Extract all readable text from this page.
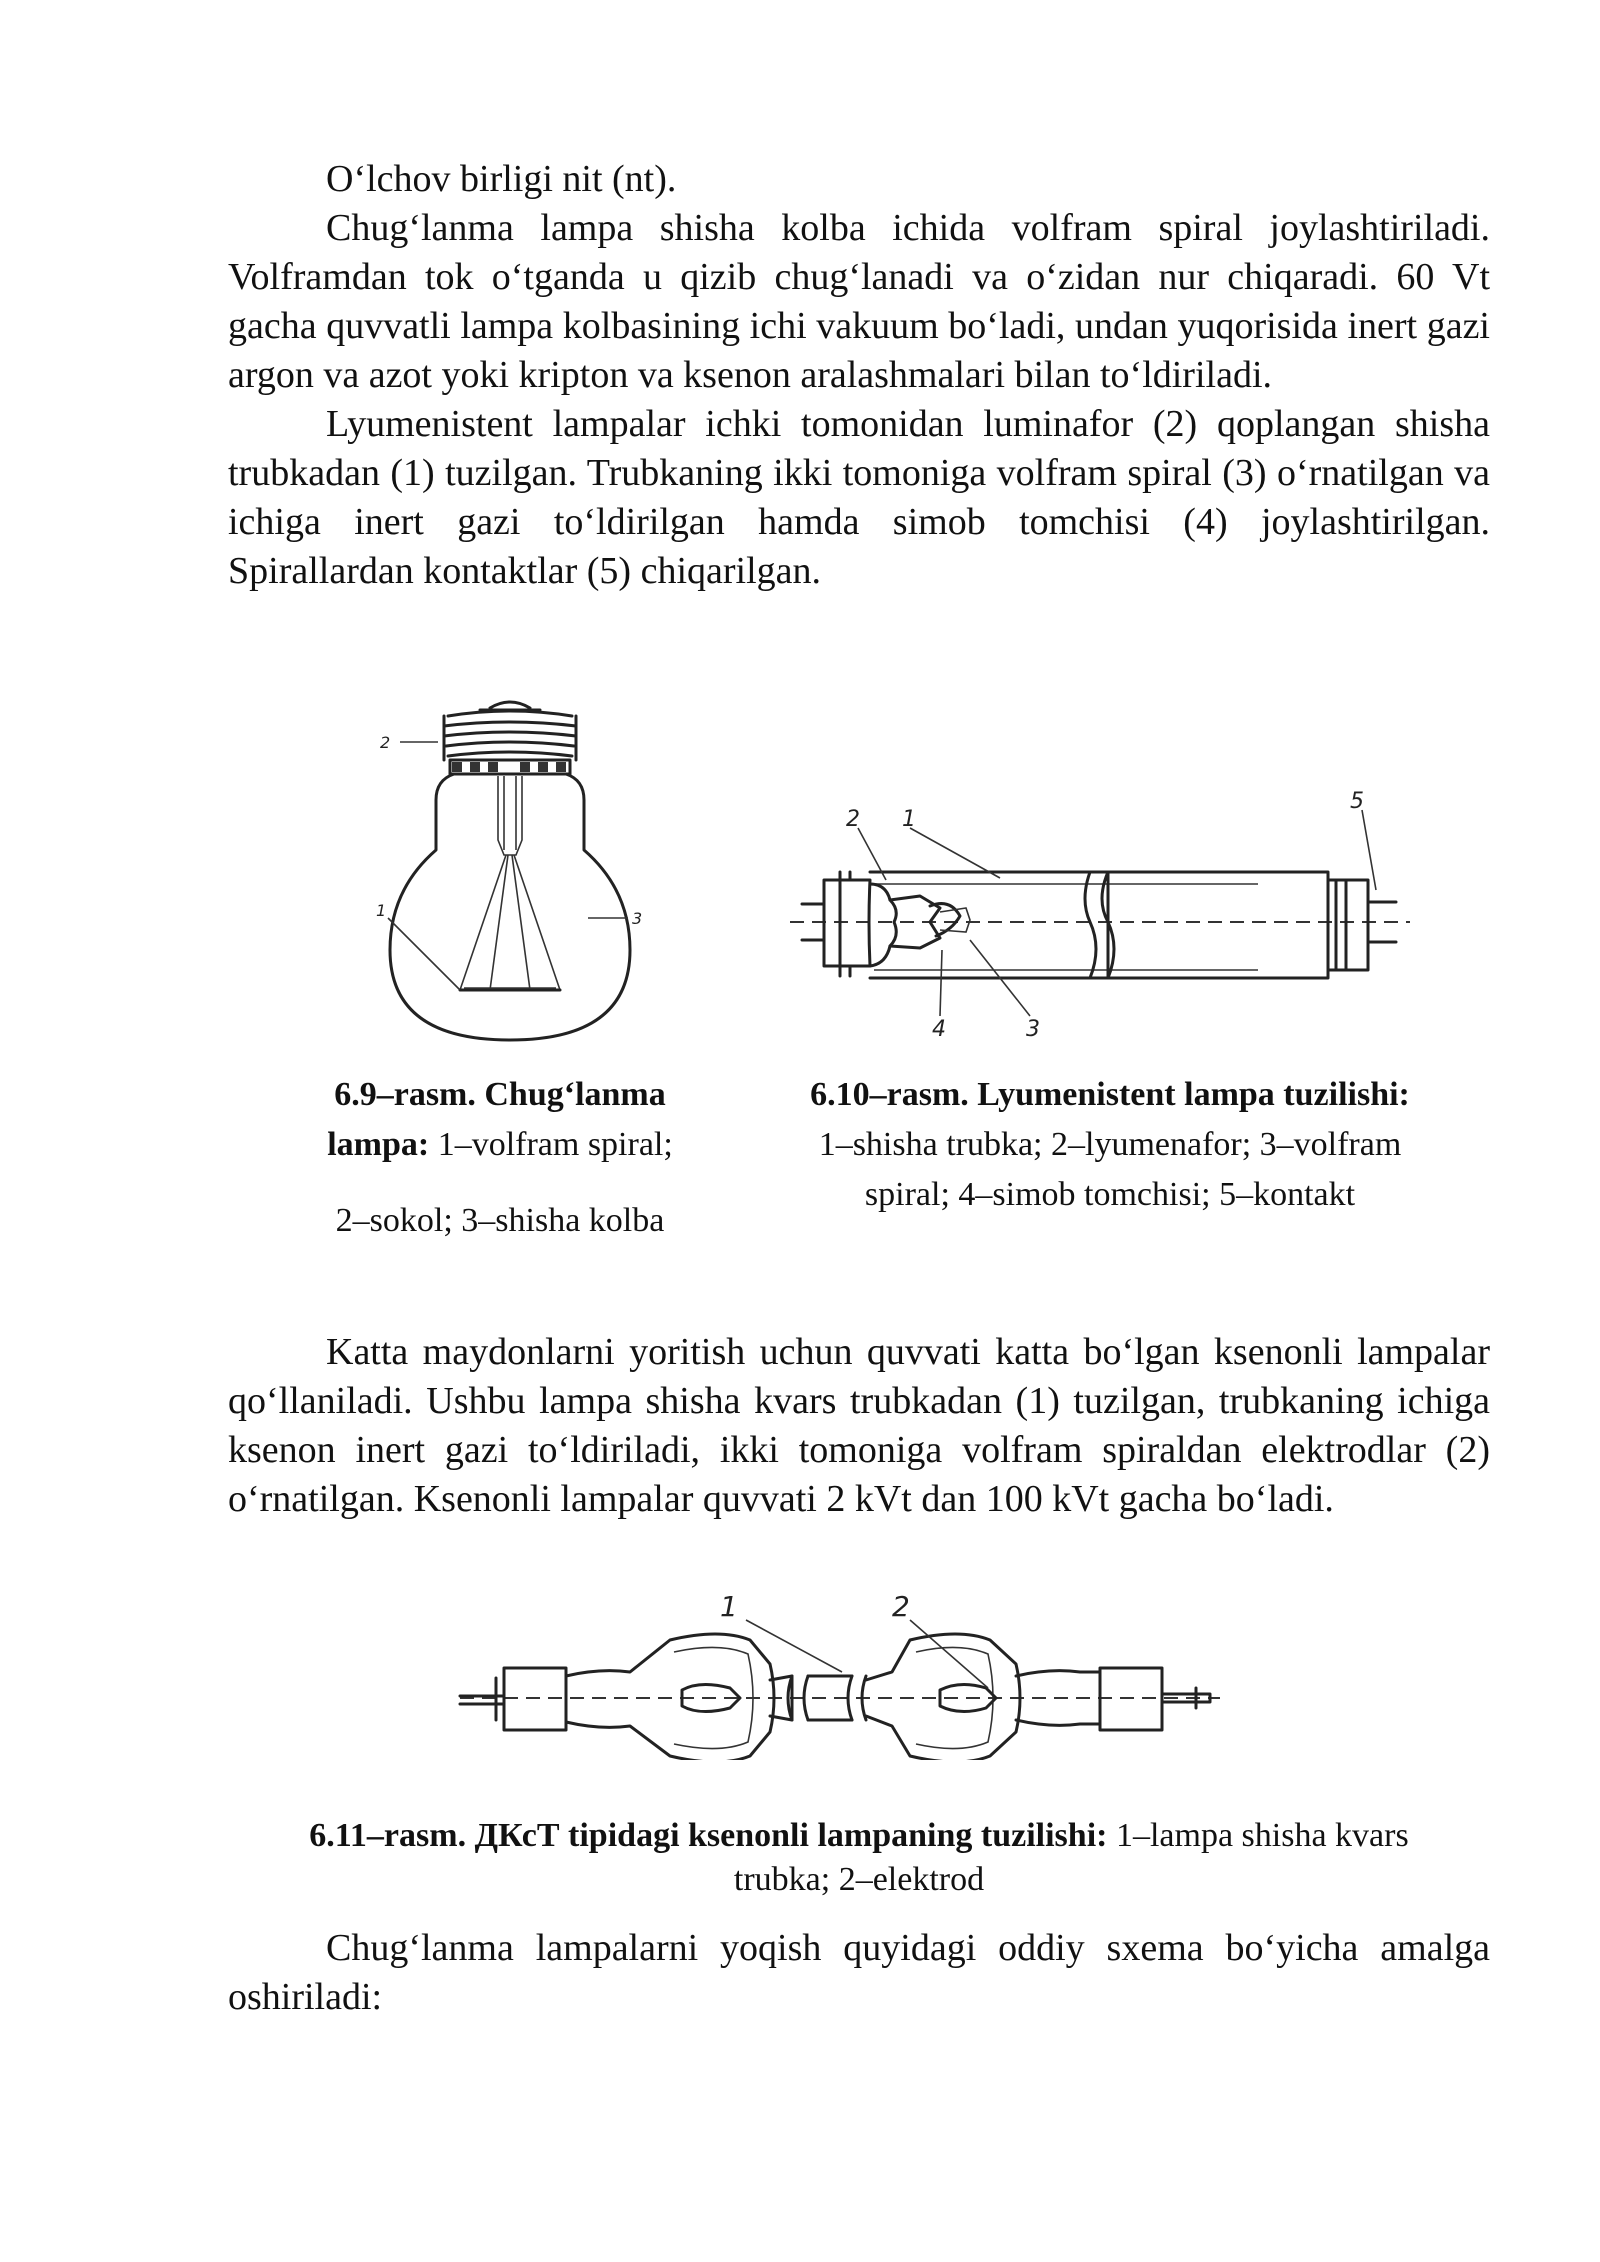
O‘lchov birligi nit (nt).

Chug‘lanma lampa shisha kolba ichida volfram spiral joylashtiriladi. Volframdan tok o‘tganda u qizib chug‘lanadi va o‘zidan nur chiqaradi. 60 Vt gacha quvvatli lampa kolbasining ichi vakuum bo‘ladi, undan yuqorisida inert gazi argon va azot yoki kripton va ksenon aralashmalari bilan to‘ldiriladi.

Lyumenistent lampalar ichki tomonidan luminafor (2) qoplangan shisha trubkadan (1) tuzilgan. Trubkaning ikki tomoniga volfram spiral (3) o‘rnatilgan va ichiga inert gazi to‘ldirilgan hamda simob tomchisi (4) joylashtirilgan. Spirallardan kontaktlar (5) chiqarilgan.

2
1	3
2 1
5
4	3
6.9–rasm. Chug‘lanma
lampa: 1–volfram spiral;
2–sokol; 3–shisha kolba
6.10–rasm. Lyumenistent lampa tuzilishi:
1–shisha trubka; 2–lyumenafor; 3–volfram
spiral; 4–simob tomchisi; 5–kontakt

Katta maydonlarni yoritish uchun quvvati katta bo‘lgan ksenonli lampalar qo‘llaniladi. Ushbu lampa shisha kvars trubkadan (1) tuzilgan, trubkaning ichiga ksenon inert gazi to‘ldiriladi, ikki tomoniga volfram spiraldan elektrodlar (2) o‘rnatilgan. Ksenonli lampalar quvvati 2 kVt dan 100 kVt gacha bo‘ladi.

1	2
6.11–rasm. ДКсТ tipidagi ksenonli lampaning tuzilishi: 1–lampa shisha kvars
trubka; 2–elektrod

Chug‘lanma lampalarni yoqish quyidagi oddiy sxema bo‘yicha amalga oshiriladi:
